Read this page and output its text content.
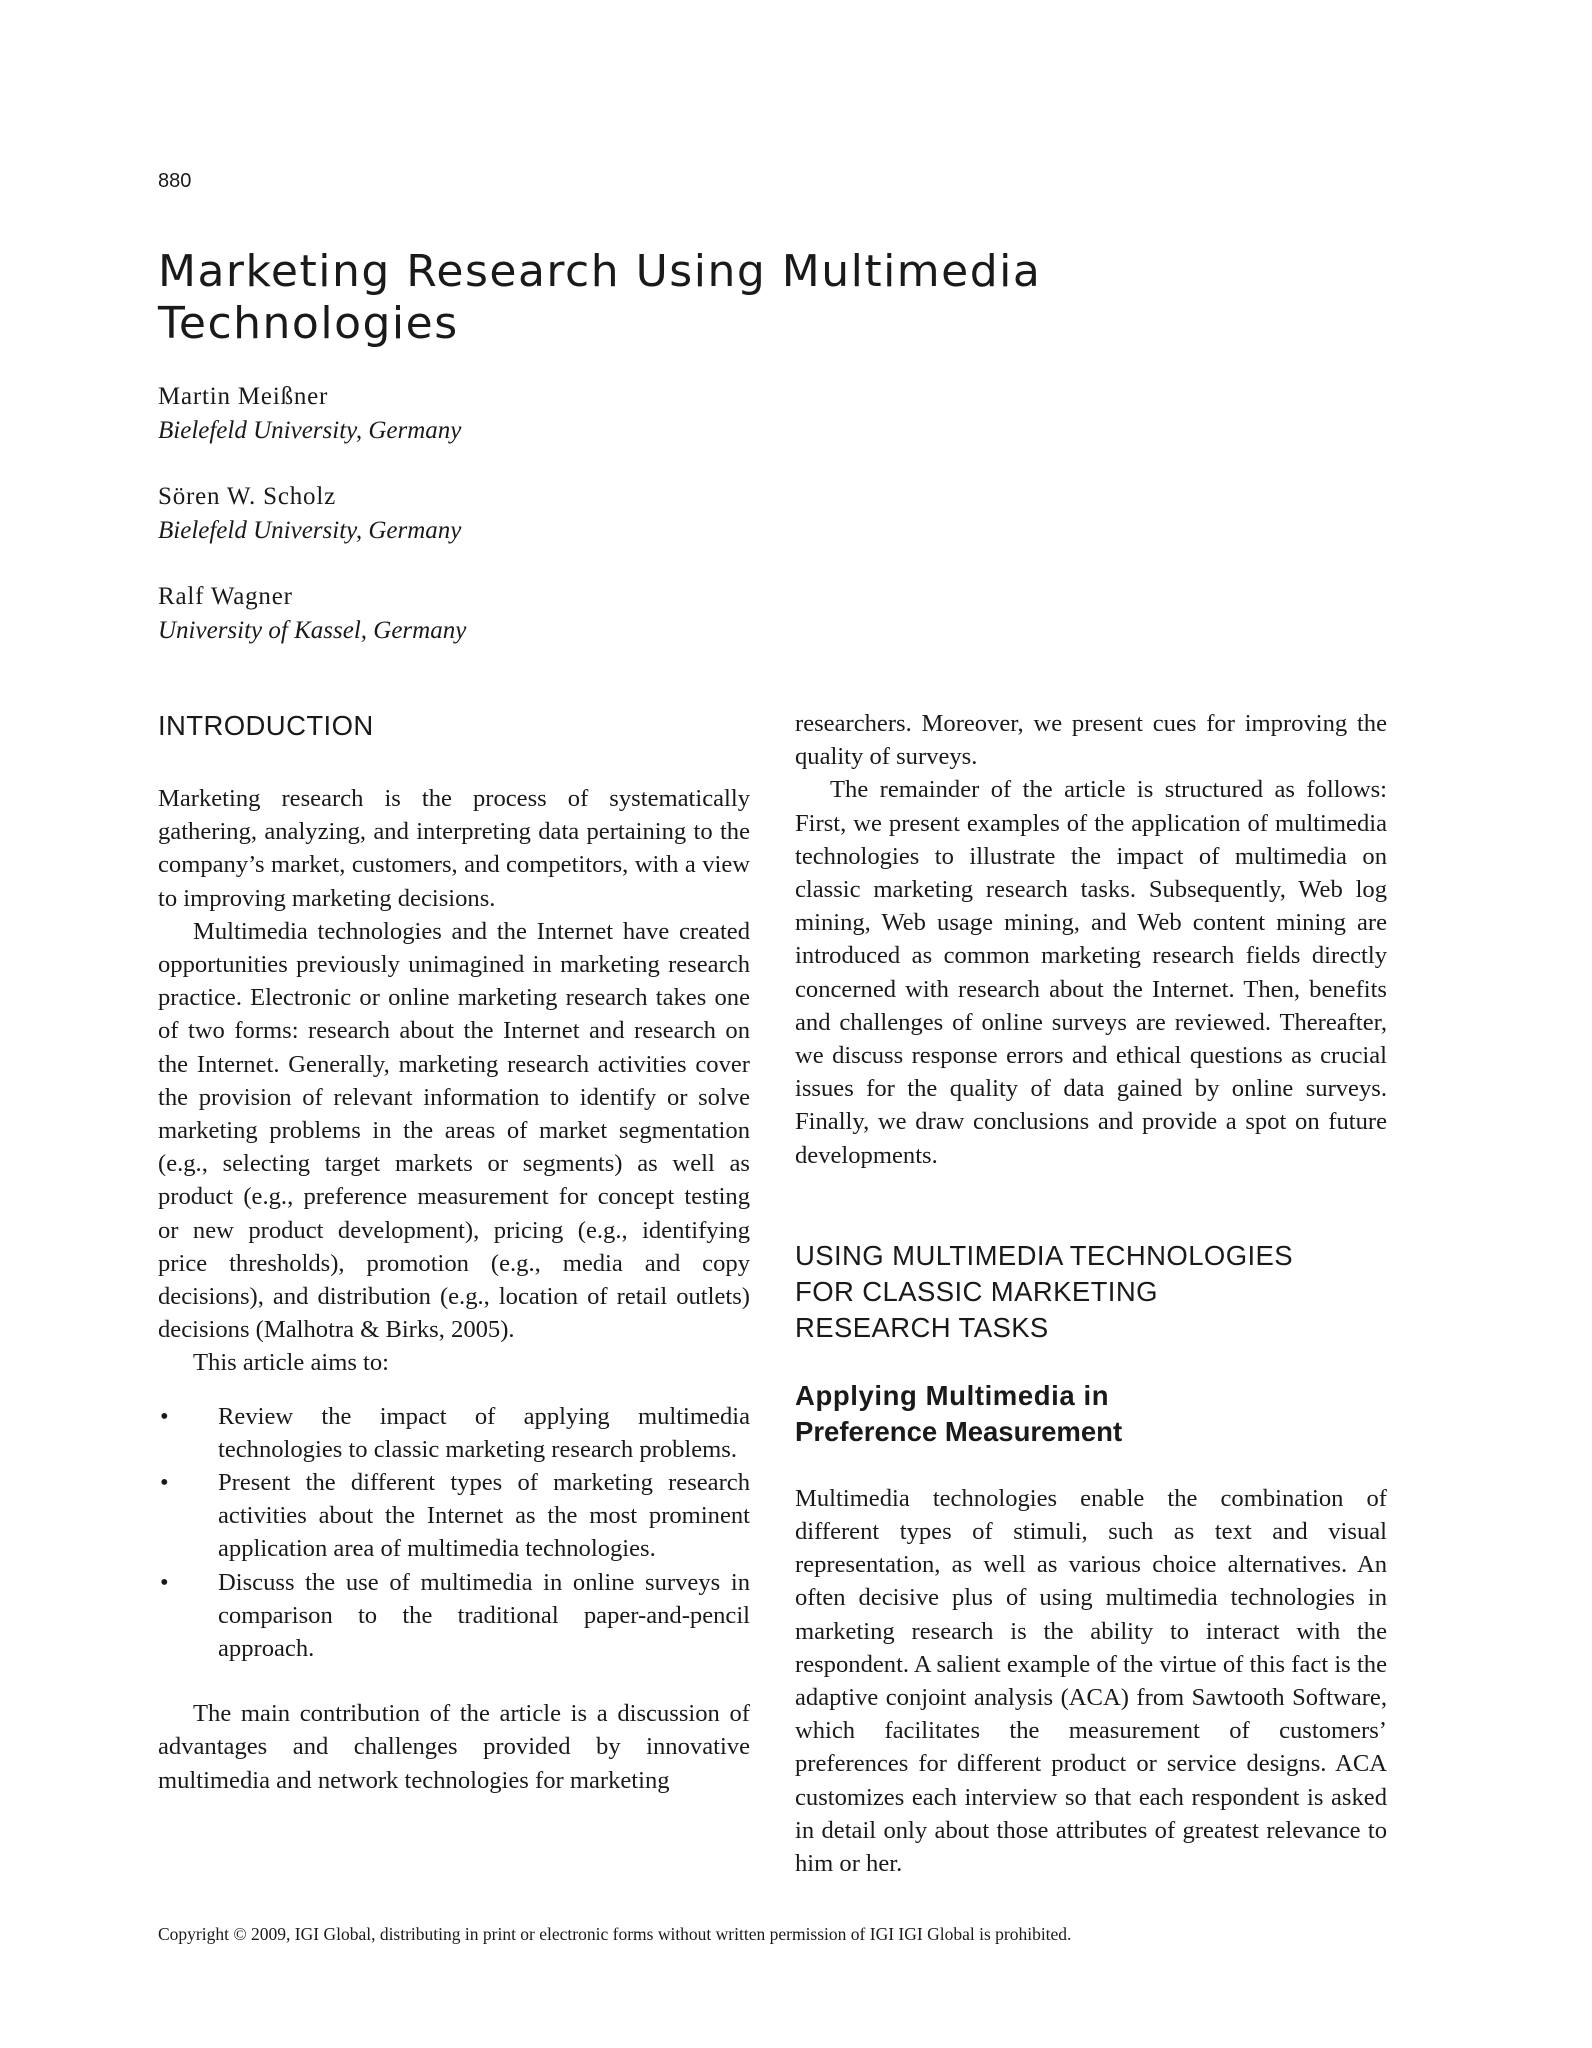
880
Marketing Research Using Multimedia Technologies
Martin Meißner
Bielefeld University, Germany
Sören W. Scholz
Bielefeld University, Germany
Ralf Wagner
University of Kassel, Germany
INTRODUCTION

Marketing research is the process of systematically gathering, analyzing, and interpreting data pertaining to the company’s market, customers, and competitors, with a view to improving marketing decisions.

Multimedia technologies and the Internet have created opportunities previously unimagined in marketing research practice. Electronic or online marketing research takes one of two forms: research about the Internet and research on the Internet. Generally, marketing research activities cover the provision of relevant information to identify or solve marketing problems in the areas of market segmentation (e.g., selecting target markets or segments) as well as product (e.g., preference measurement for concept testing or new product development), pricing (e.g., identifying price thresholds), promotion (e.g., media and copy decisions), and distribution (e.g., location of retail outlets) decisions (Malhotra & Birks, 2005).

This article aims to:

• Review the impact of applying multimedia technologies to classic marketing research problems.
• Present the different types of marketing research activities about the Internet as the most prominent application area of multimedia technologies.
• Discuss the use of multimedia in online surveys in comparison to the traditional paper-and-pencil approach.

The main contribution of the article is a discussion of advantages and challenges provided by innovative multimedia and network technologies for marketing

researchers. Moreover, we present cues for improving the quality of surveys.

The remainder of the article is structured as follows: First, we present examples of the application of multimedia technologies to illustrate the impact of multimedia on classic marketing research tasks. Subsequently, Web log mining, Web usage mining, and Web content mining are introduced as common marketing research fields directly concerned with research about the Internet. Then, benefits and challenges of online surveys are reviewed. Thereafter, we discuss response errors and ethical questions as crucial issues for the quality of data gained by online surveys. Finally, we draw conclusions and provide a spot on future developments.

USING MULTIMEDIA TECHNOLOGIES
FOR CLASSIC MARKETING
RESEARCH TASKS
Applying Multimedia in
Preference Measurement

Multimedia technologies enable the combination of different types of stimuli, such as text and visual representation, as well as various choice alternatives. An often decisive plus of using multimedia technologies in marketing research is the ability to interact with the respondent. A salient example of the virtue of this fact is the adaptive conjoint analysis (ACA) from Sawtooth Software, which facilitates the measurement of customers’ preferences for different product or service designs. ACA customizes each interview so that each respondent is asked in detail only about those attributes of greatest relevance to him or her.

Copyright © 2009, IGI Global, distributing in print or electronic forms without written permission of IGI IGI Global is prohibited.
